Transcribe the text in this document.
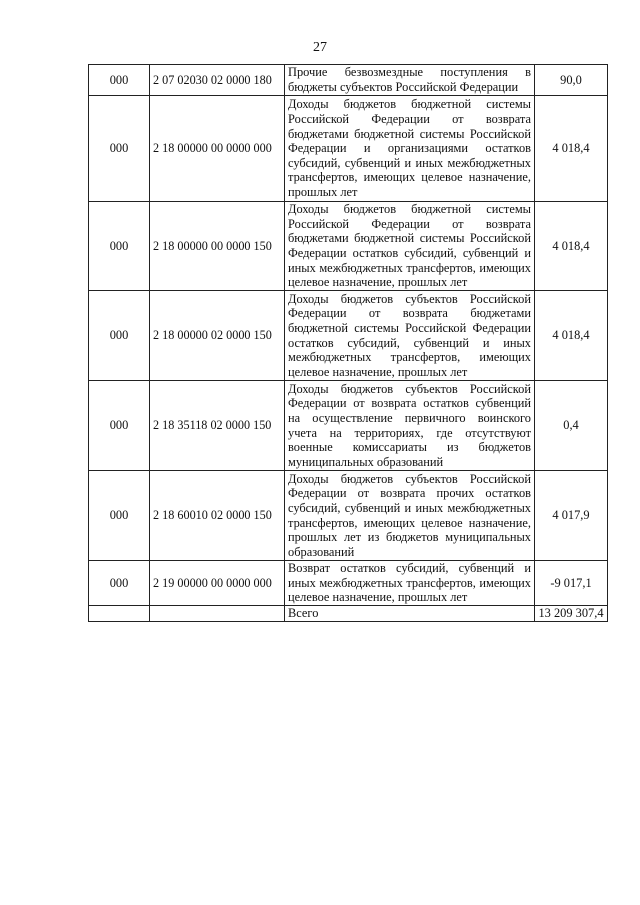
27
000	2 07 02030 02 0000 180	Прочие безвозмездные поступления в бюджеты субъектов Российской Федерации	90,0
000	2 18 00000 00 0000 000	Доходы бюджетов бюджетной системы Российской Федерации от возврата бюджетами бюджетной системы Российской Федерации и организациями остатков субсидий, субвенций и иных межбюджетных трансфертов, имеющих целевое назначение, прошлых лет	4 018,4
000	2 18 00000 00 0000 150	Доходы бюджетов бюджетной системы Российской Федерации от возврата бюджетами бюджетной системы Российской Федерации остатков субсидий, субвенций и иных межбюджетных трансфертов, имеющих целевое назначение, прошлых лет	4 018,4
000	2 18 00000 02 0000 150	Доходы бюджетов субъектов Российской Федерации от возврата бюджетами бюджетной системы Российской Федерации остатков субсидий, субвенций и иных межбюджетных трансфертов, имеющих целевое назначение, прошлых лет	4 018,4
000	2 18 35118 02 0000 150	Доходы бюджетов субъектов Российской Федерации от возврата остатков субвенций на осуществление первичного воинского учета на территориях, где отсутствуют военные комиссариаты из бюджетов муниципальных образований	0,4
000	2 18 60010 02 0000 150	Доходы бюджетов субъектов Российской Федерации от возврата прочих остатков субсидий, субвенций и иных межбюджетных трансфертов, имеющих целевое назначение, прошлых лет из бюджетов муниципальных образований	4 017,9
000	2 19 00000 00 0000 000	Возврат остатков субсидий, субвенций и иных межбюджетных трансфертов, имеющих целевое назначение, прошлых лет	-9 017,1
		Всего	13 209 307,4
